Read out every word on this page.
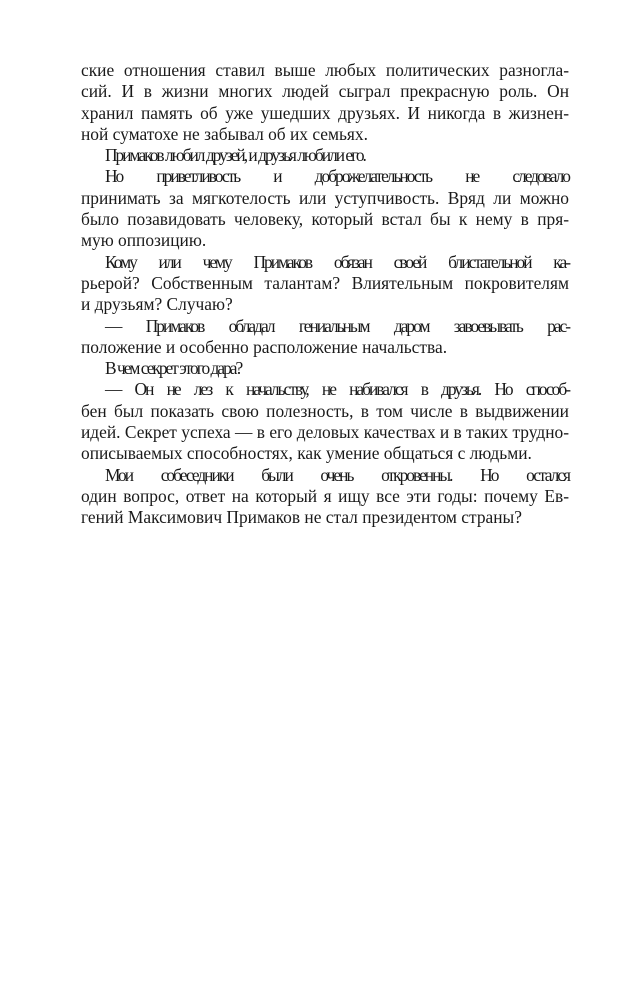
ские отношения ставил выше любых политических разногла-
сий. И в жизни многих людей сыграл прекрасную роль. Он
хранил память об уже ушедших друзьях. И никогда в жизнен-
ной суматохе не забывал об их семьях.
Примаков любил друзей, и друзья любили его.
Но приветливость и доброжелательность не следовало
принимать за мягкотелость или уступчивость. Вряд ли можно
было позавидовать человеку, который встал бы к нему в пря-
мую оппозицию.
Кому или чему Примаков обязан своей блистательной ка-
рьерой? Собственным талантам? Влиятельным покровителям
и друзьям? Случаю?
— Примаков обладал гениальным даром завоевывать рас-
положение и особенно расположение начальства.
В чем секрет этого дара?
— Он не лез к начальству, не набивался в друзья. Но способ-
бен был показать свою полезность, в том числе в выдвижении
идей. Секрет успеха — в его деловых качествах и в таких трудно-
описываемых способностях, как умение общаться с людьми.
Мои собеседники были очень откровенны. Но остался
один вопрос, ответ на который я ищу все эти годы: почему Ев-
гений Максимович Примаков не стал президентом страны?
